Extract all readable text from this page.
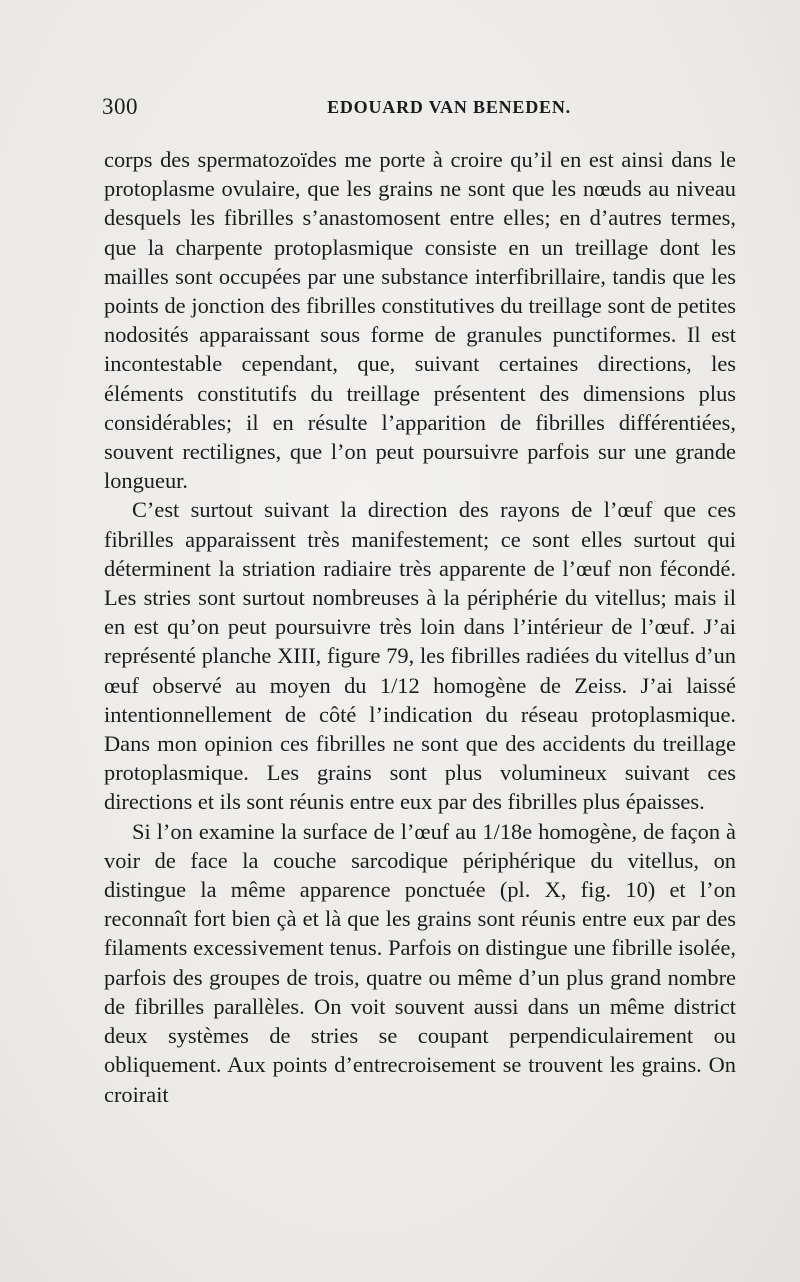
300	EDOUARD VAN BENEDEN.

corps des spermatozoïdes me porte à croire qu’il en est ainsi dans le protoplasme ovulaire, que les grains ne sont que les nœuds au niveau desquels les fibrilles s’anastomosent entre elles; en d’autres termes, que la charpente protoplasmique consiste en un treillage dont les mailles sont occupées par une substance interfibrillaire, tandis que les points de jonction des fibrilles constitutives du treillage sont de petites nodosités apparaissant sous forme de granules punctiformes. Il est incontestable cependant, que, suivant certaines directions, les éléments constitutifs du treillage présentent des dimensions plus considérables; il en résulte l’apparition de fibrilles différentiées, souvent rectilignes, que l’on peut poursuivre parfois sur une grande longueur.

C’est surtout suivant la direction des rayons de l’œuf que ces fibrilles apparaissent très manifestement; ce sont elles surtout qui déterminent la striation radiaire très apparente de l’œuf non fécondé. Les stries sont surtout nombreuses à la périphérie du vitellus; mais il en est qu’on peut poursuivre très loin dans l’intérieur de l’œuf. J’ai représenté planche XIII, figure 79, les fibrilles radiées du vitellus d’un œuf observé au moyen du 1/12 homogène de Zeiss. J’ai laissé intentionnellement de côté l’indication du réseau protoplasmique. Dans mon opinion ces fibrilles ne sont que des accidents du treillage protoplasmique. Les grains sont plus volumineux suivant ces directions et ils sont réunis entre eux par des fibrilles plus épaisses.

Si l’on examine la surface de l’œuf au 1/18e homogène, de façon à voir de face la couche sarcodique périphérique du vitellus, on distingue la même apparence ponctuée (pl. X, fig. 10) et l’on reconnaît fort bien çà et là que les grains sont réunis entre eux par des filaments excessivement tenus. Parfois on distingue une fibrille isolée, parfois des groupes de trois, quatre ou même d’un plus grand nombre de fibrilles parallèles. On voit souvent aussi dans un même district deux systèmes de stries se coupant perpendiculairement ou obliquement. Aux points d’entrecroisement se trouvent les grains. On croirait
